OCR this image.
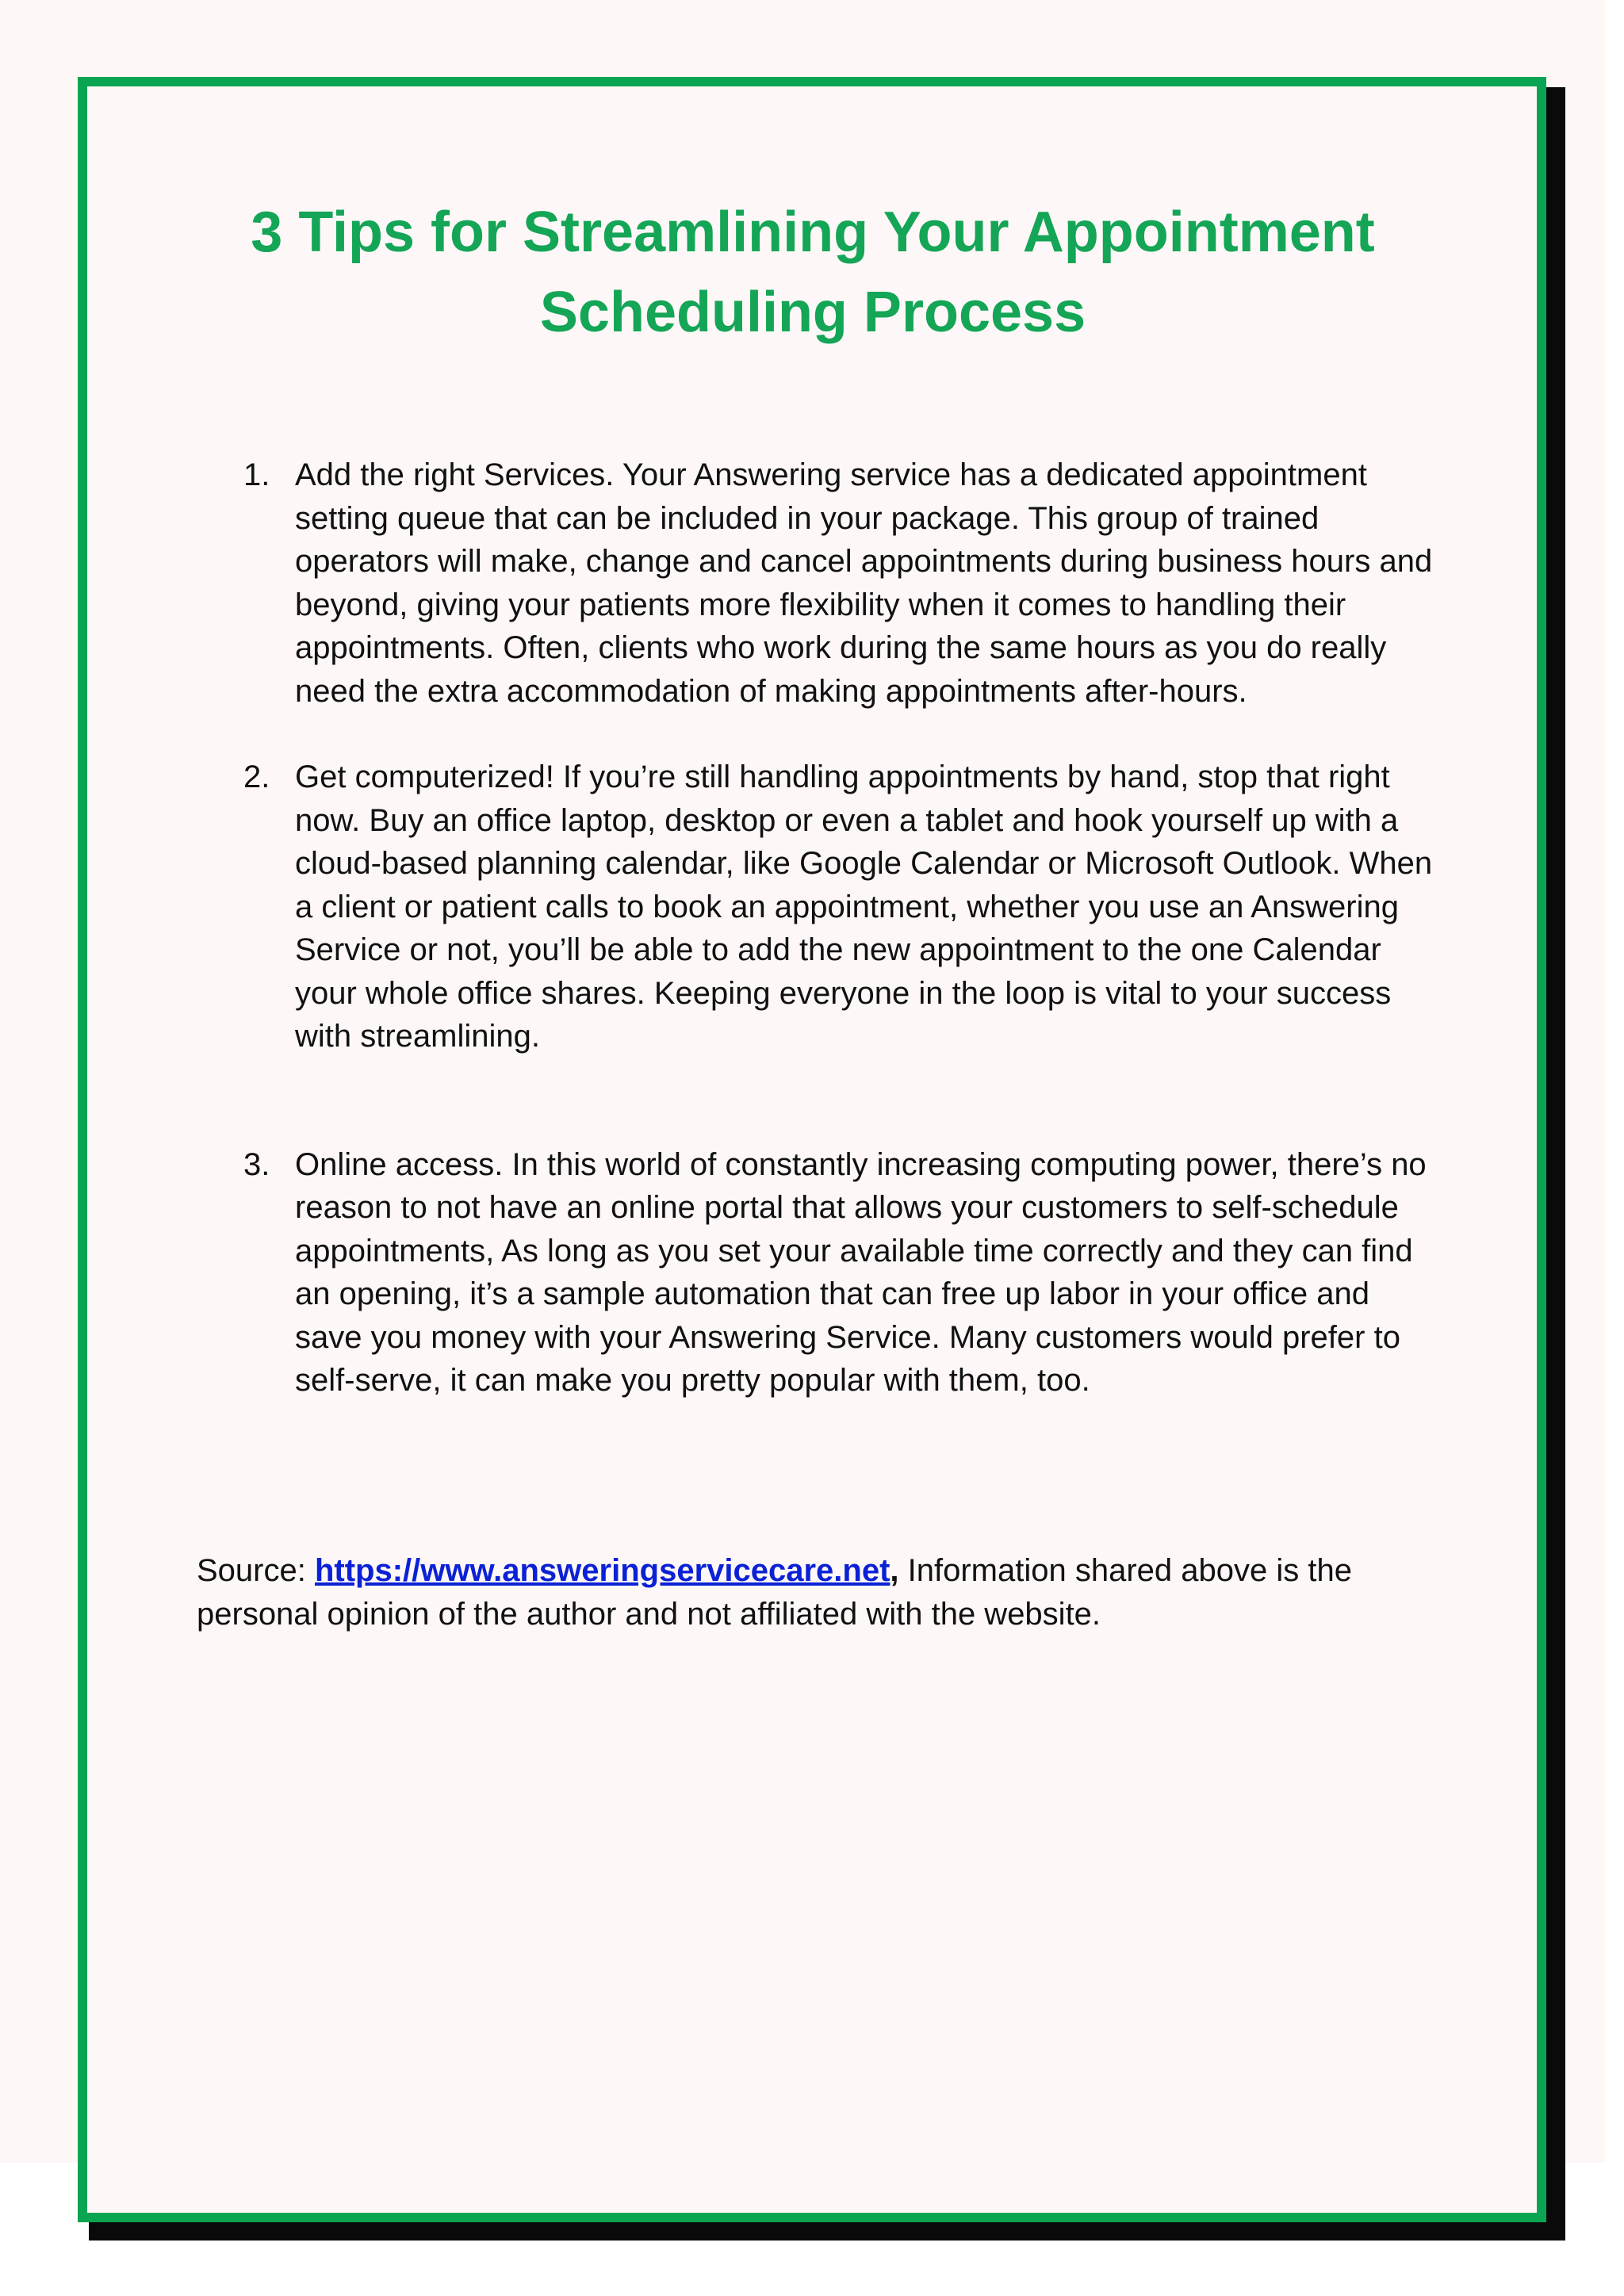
3 Tips for Streamlining Your Appointment Scheduling Process
1. Add the right Services. Your Answering service has a dedicated appointment setting queue that can be included in your package. This group of trained operators will make, change and cancel appointments during business hours and beyond, giving your patients more flexibility when it comes to handling their appointments. Often, clients who work during the same hours as you do really need the extra accommodation of making appointments after-hours.
2. Get computerized! If you’re still handling appointments by hand, stop that right now. Buy an office laptop, desktop or even a tablet and hook yourself up with a cloud-based planning calendar, like Google Calendar or Microsoft Outlook. When a client or patient calls to book an appointment, whether you use an Answering Service or not, you’ll be able to add the new appointment to the one Calendar your whole office shares. Keeping everyone in the loop is vital to your success with streamlining.
3. Online access. In this world of constantly increasing computing power, there’s no reason to not have an online portal that allows your customers to self-schedule appointments, As long as you set your available time correctly and they can find an opening, it’s a sample automation that can free up labor in your office and save you money with your Answering Service. Many customers would prefer to self-serve, it can make you pretty popular with them, too.

Source: https://www.answeringservicecare.net, Information shared above is the personal opinion of the author and not affiliated with the website.
